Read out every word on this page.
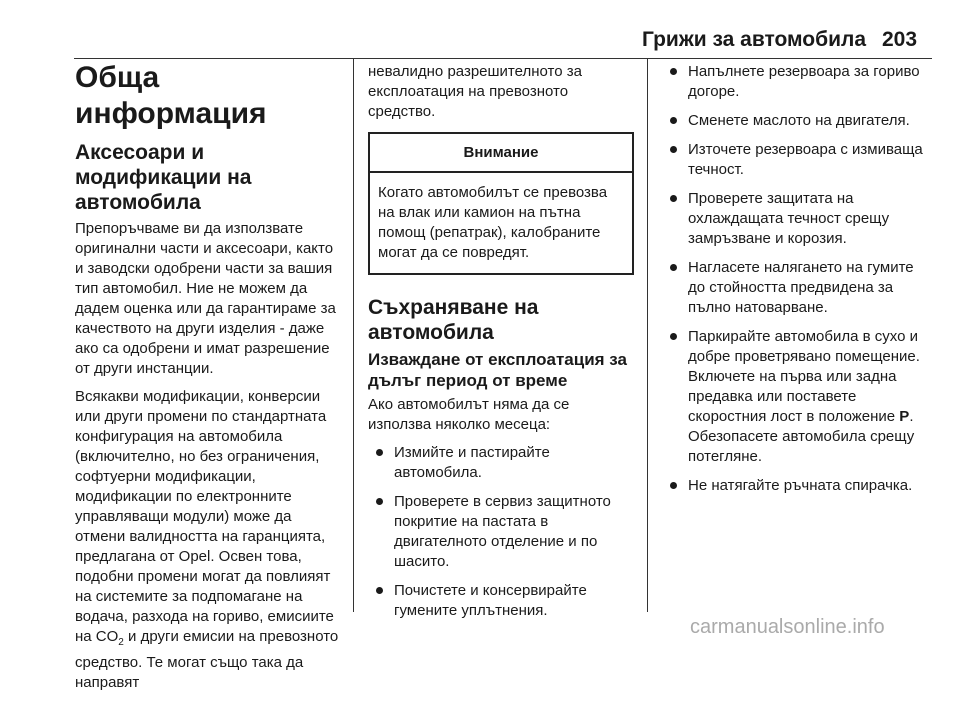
Грижи за автомобила 203
Обща информация
Аксесоари и модификации на автомобила

Препоръчваме ви да използвате оригинални части и аксесоари, както и заводски одобрени части за вашия тип автомобил. Ние не можем да дадем оценка или да гарантираме за качеството на други изделия - даже ако са одобрени и имат разрешение от други инстанции.

Всякакви модификации, конверсии или други промени по стандартната конфигурация на автомобила (включително, но без ограничения, софтуерни модификации, модификации по електронните управляващи модули) може да отмени валидността на гаранцията, предлагана от Opel. Освен това, подобни промени могат да повлияят на системите за подпомагане на водача, разхода на гориво, емисиите на $CO_2$ и други емисии на превозното средство. Те могат също така да направят

невалидно разрешителното за експлоатация на превозното средство.

Внимание
Когато автомобилът се превозва на влак или камион на пътна помощ (репатрак), калобраните могат да се повредят.
Съхраняване на автомобила
Изваждане от експлоатация за дълъг период от време

Ако автомобилът няма да се използва няколко месеца:

Измийте и пастирайте автомобила.
Проверете в сервиз защитното покритие на пастата в двигателното отделение и по шасито.
Почистете и консервирайте гумените уплътнения.
Напълнете резервоара за гориво догоре.
Сменете маслото на двигателя.
Източете резервоара с измиваща течност.
Проверете защитата на охлаждащата течност срещу замръзване и корозия.
Нагласете налягането на гумите до стойността предвидена за пълно натоварване.
Паркирайте автомобила в сухо и добре проветрявано помещение. Включете на първа или задна предавка или поставете скоростния лост в положение P. Обезопасете автомобила срещу потегляне.
Не натягайте ръчната спирачка.
carmanualsonline.info
